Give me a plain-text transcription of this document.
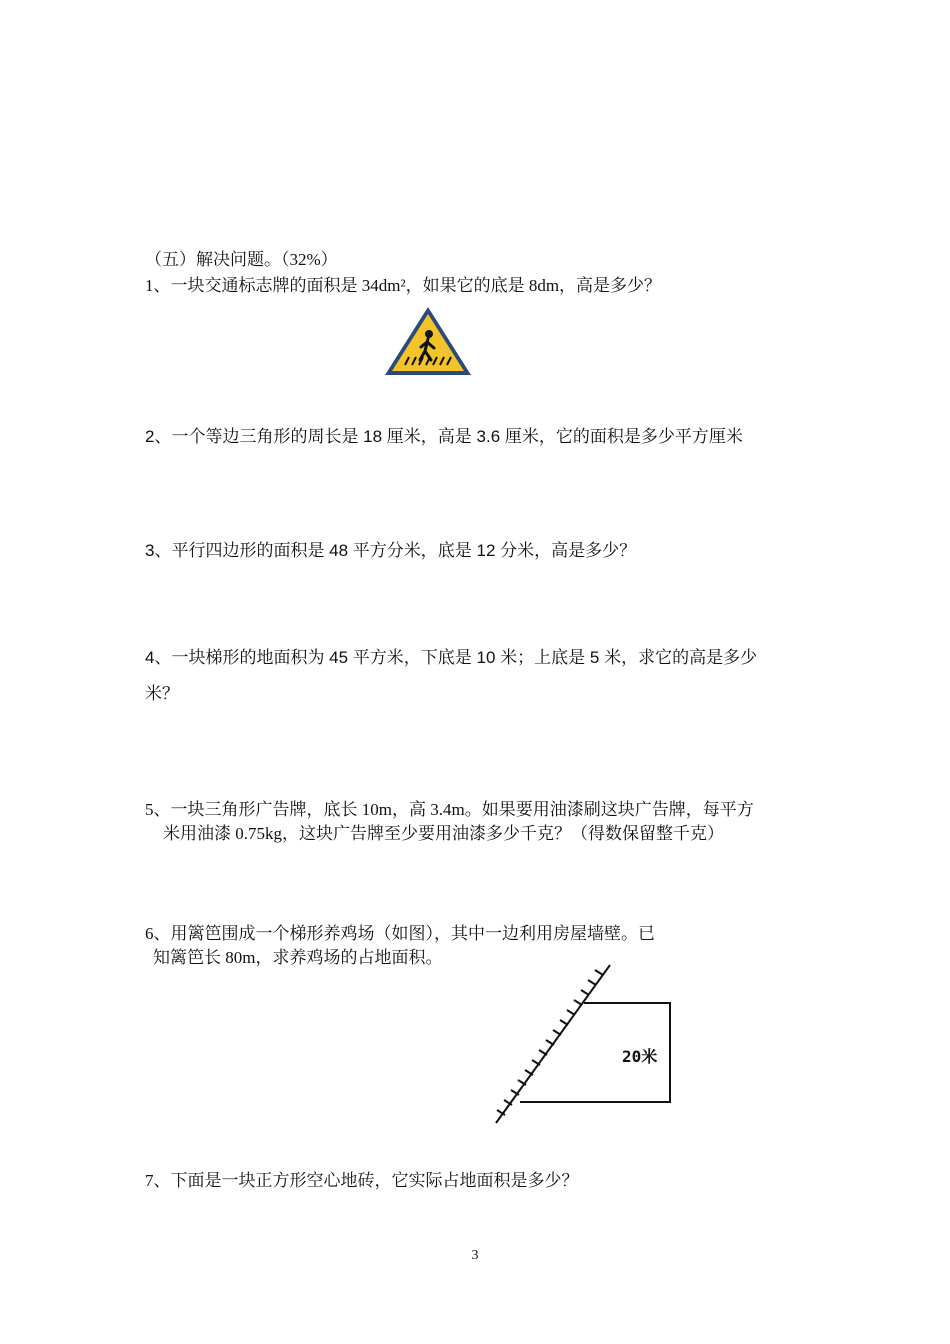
（五）解决问题。（32%）
1、一块交通标志牌的面积是 34dm²，如果它的底是 8dm，高是多少？
2、一个等边三角形的周长是 18 厘米，高是 3.6 厘米，它的面积是多少平方厘米
3、平行四边形的面积是 48 平方分米，底是 12 分米，高是多少？
4、一块梯形的地面积为 45 平方米，下底是 10 米；上底是 5 米，求它的高是多少
米？
5、一块三角形广告牌，底长 10m，高 3.4m。如果要用油漆刷这块广告牌，每平方
米用油漆 0.75kg，这块广告牌至少要用油漆多少千克？（得数保留整千克）
6、用篱笆围成一个梯形养鸡场（如图），其中一边利用房屋墙壁。已
知篱笆长 80m，求养鸡场的占地面积。
20米
7、下面是一块正方形空心地砖，它实际占地面积是多少？
3
